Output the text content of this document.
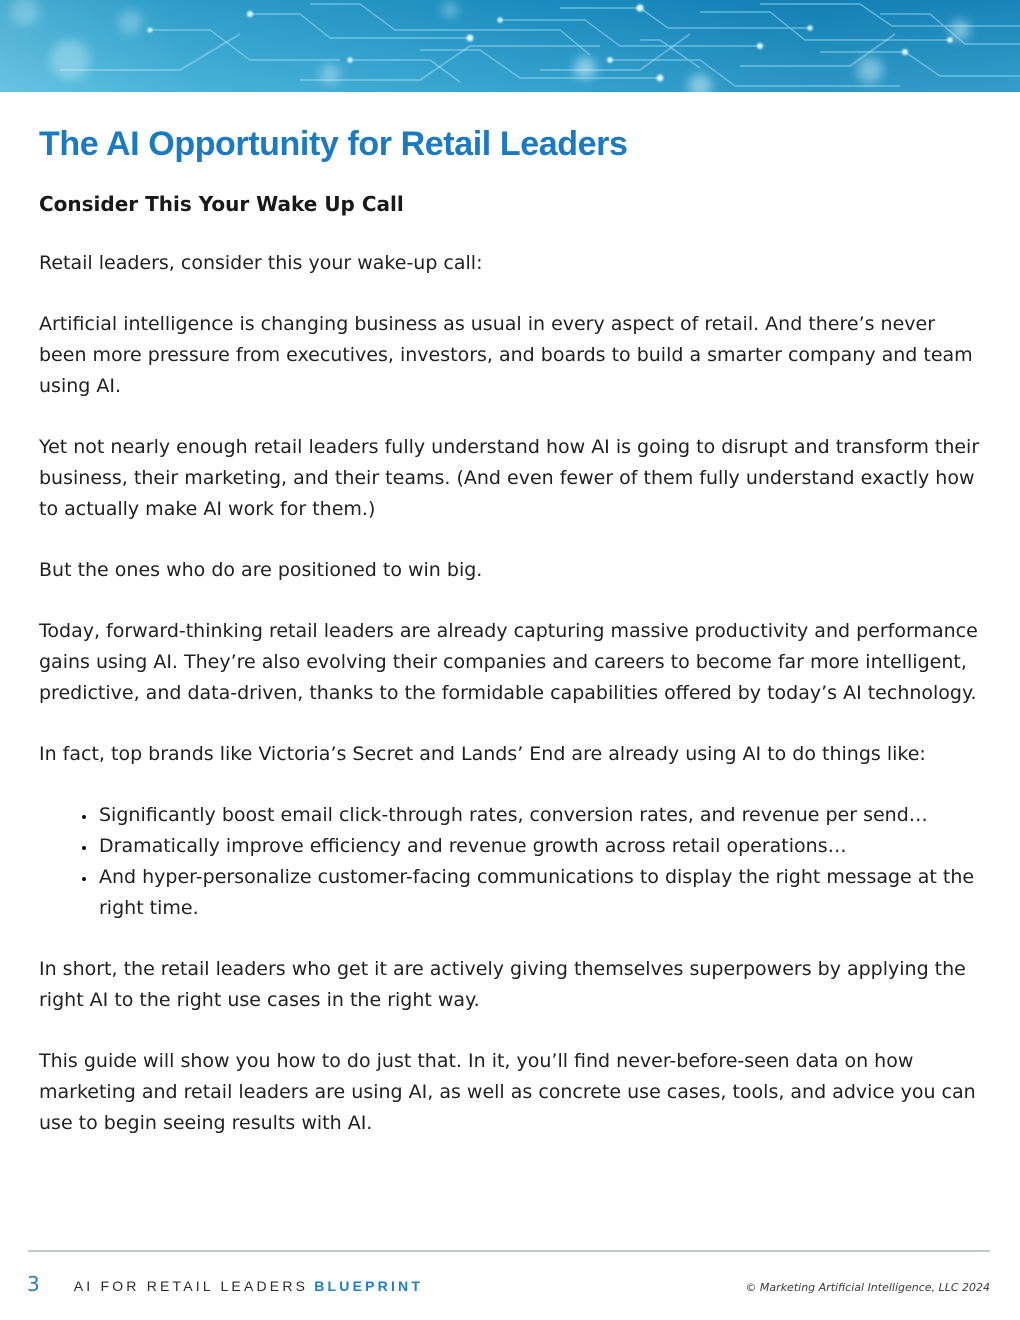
The AI Opportunity for Retail Leaders
Consider This Your Wake Up Call

Retail leaders, consider this your wake-up call:

Artificial intelligence is changing business as usual in every aspect of retail. And there’s never been more pressure from executives, investors, and boards to build a smarter company and team using AI.

Yet not nearly enough retail leaders fully understand how AI is going to disrupt and transform their business, their marketing, and their teams. (And even fewer of them fully understand exactly how to actually make AI work for them.)

But the ones who do are positioned to win big.

Today, forward-thinking retail leaders are already capturing massive productivity and performance gains using AI. They’re also evolving their companies and careers to become far more intelligent, predictive, and data-driven, thanks to the formidable capabilities offered by today’s AI technology.

In fact, top brands like Victoria’s Secret and Lands’ End are already using AI to do things like:

• Significantly boost email click-through rates, conversion rates, and revenue per send…
• Dramatically improve efficiency and revenue growth across retail operations…
• And hyper-personalize customer-facing communications to display the right message at the right time.

In short, the retail leaders who get it are actively giving themselves superpowers by applying the right AI to the right use cases in the right way.

This guide will show you how to do just that. In it, you’ll find never-before-seen data on how marketing and retail leaders are using AI, as well as concrete use cases, tools, and advice you can use to begin seeing results with AI.

3 AI FOR RETAIL LEADERS BLUEPRINT	© Marketing Artificial Intelligence, LLC 2024
